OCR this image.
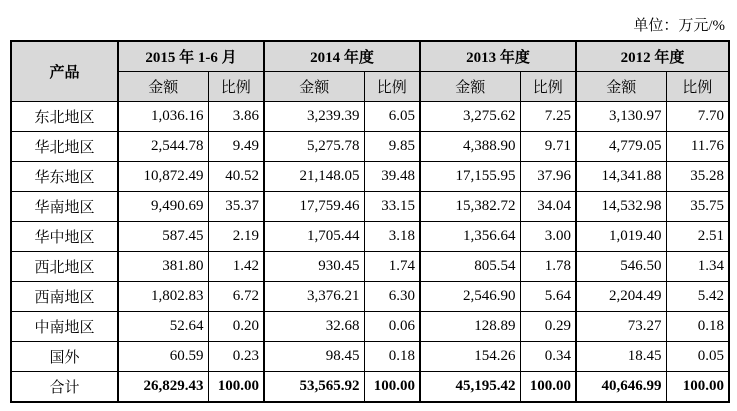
单位：万元/%
产品	2015 年 1-6 月		2014 年度		2013 年度		2012 年度	
	金额	比例	金额	比例	金额	比例	金额	比例
东北地区	1,036.16	3.86	3,239.39	6.05	3,275.62	7.25	3,130.97	7.70
华北地区	2,544.78	9.49	5,275.78	9.85	4,388.90	9.71	4,779.05	11.76
华东地区	10,872.49	40.52	21,148.05	39.48	17,155.95	37.96	14,341.88	35.28
华南地区	9,490.69	35.37	17,759.46	33.15	15,382.72	34.04	14,532.98	35.75
华中地区	587.45	2.19	1,705.44	3.18	1,356.64	3.00	1,019.40	2.51
西北地区	381.80	1.42	930.45	1.74	805.54	1.78	546.50	1.34
西南地区	1,802.83	6.72	3,376.21	6.30	2,546.90	5.64	2,204.49	5.42
中南地区	52.64	0.20	32.68	0.06	128.89	0.29	73.27	0.18
国外	60.59	0.23	98.45	0.18	154.26	0.34	18.45	0.05
合计	26,829.43	100.00	53,565.92	100.00	45,195.42	100.00	40,646.99	100.00
